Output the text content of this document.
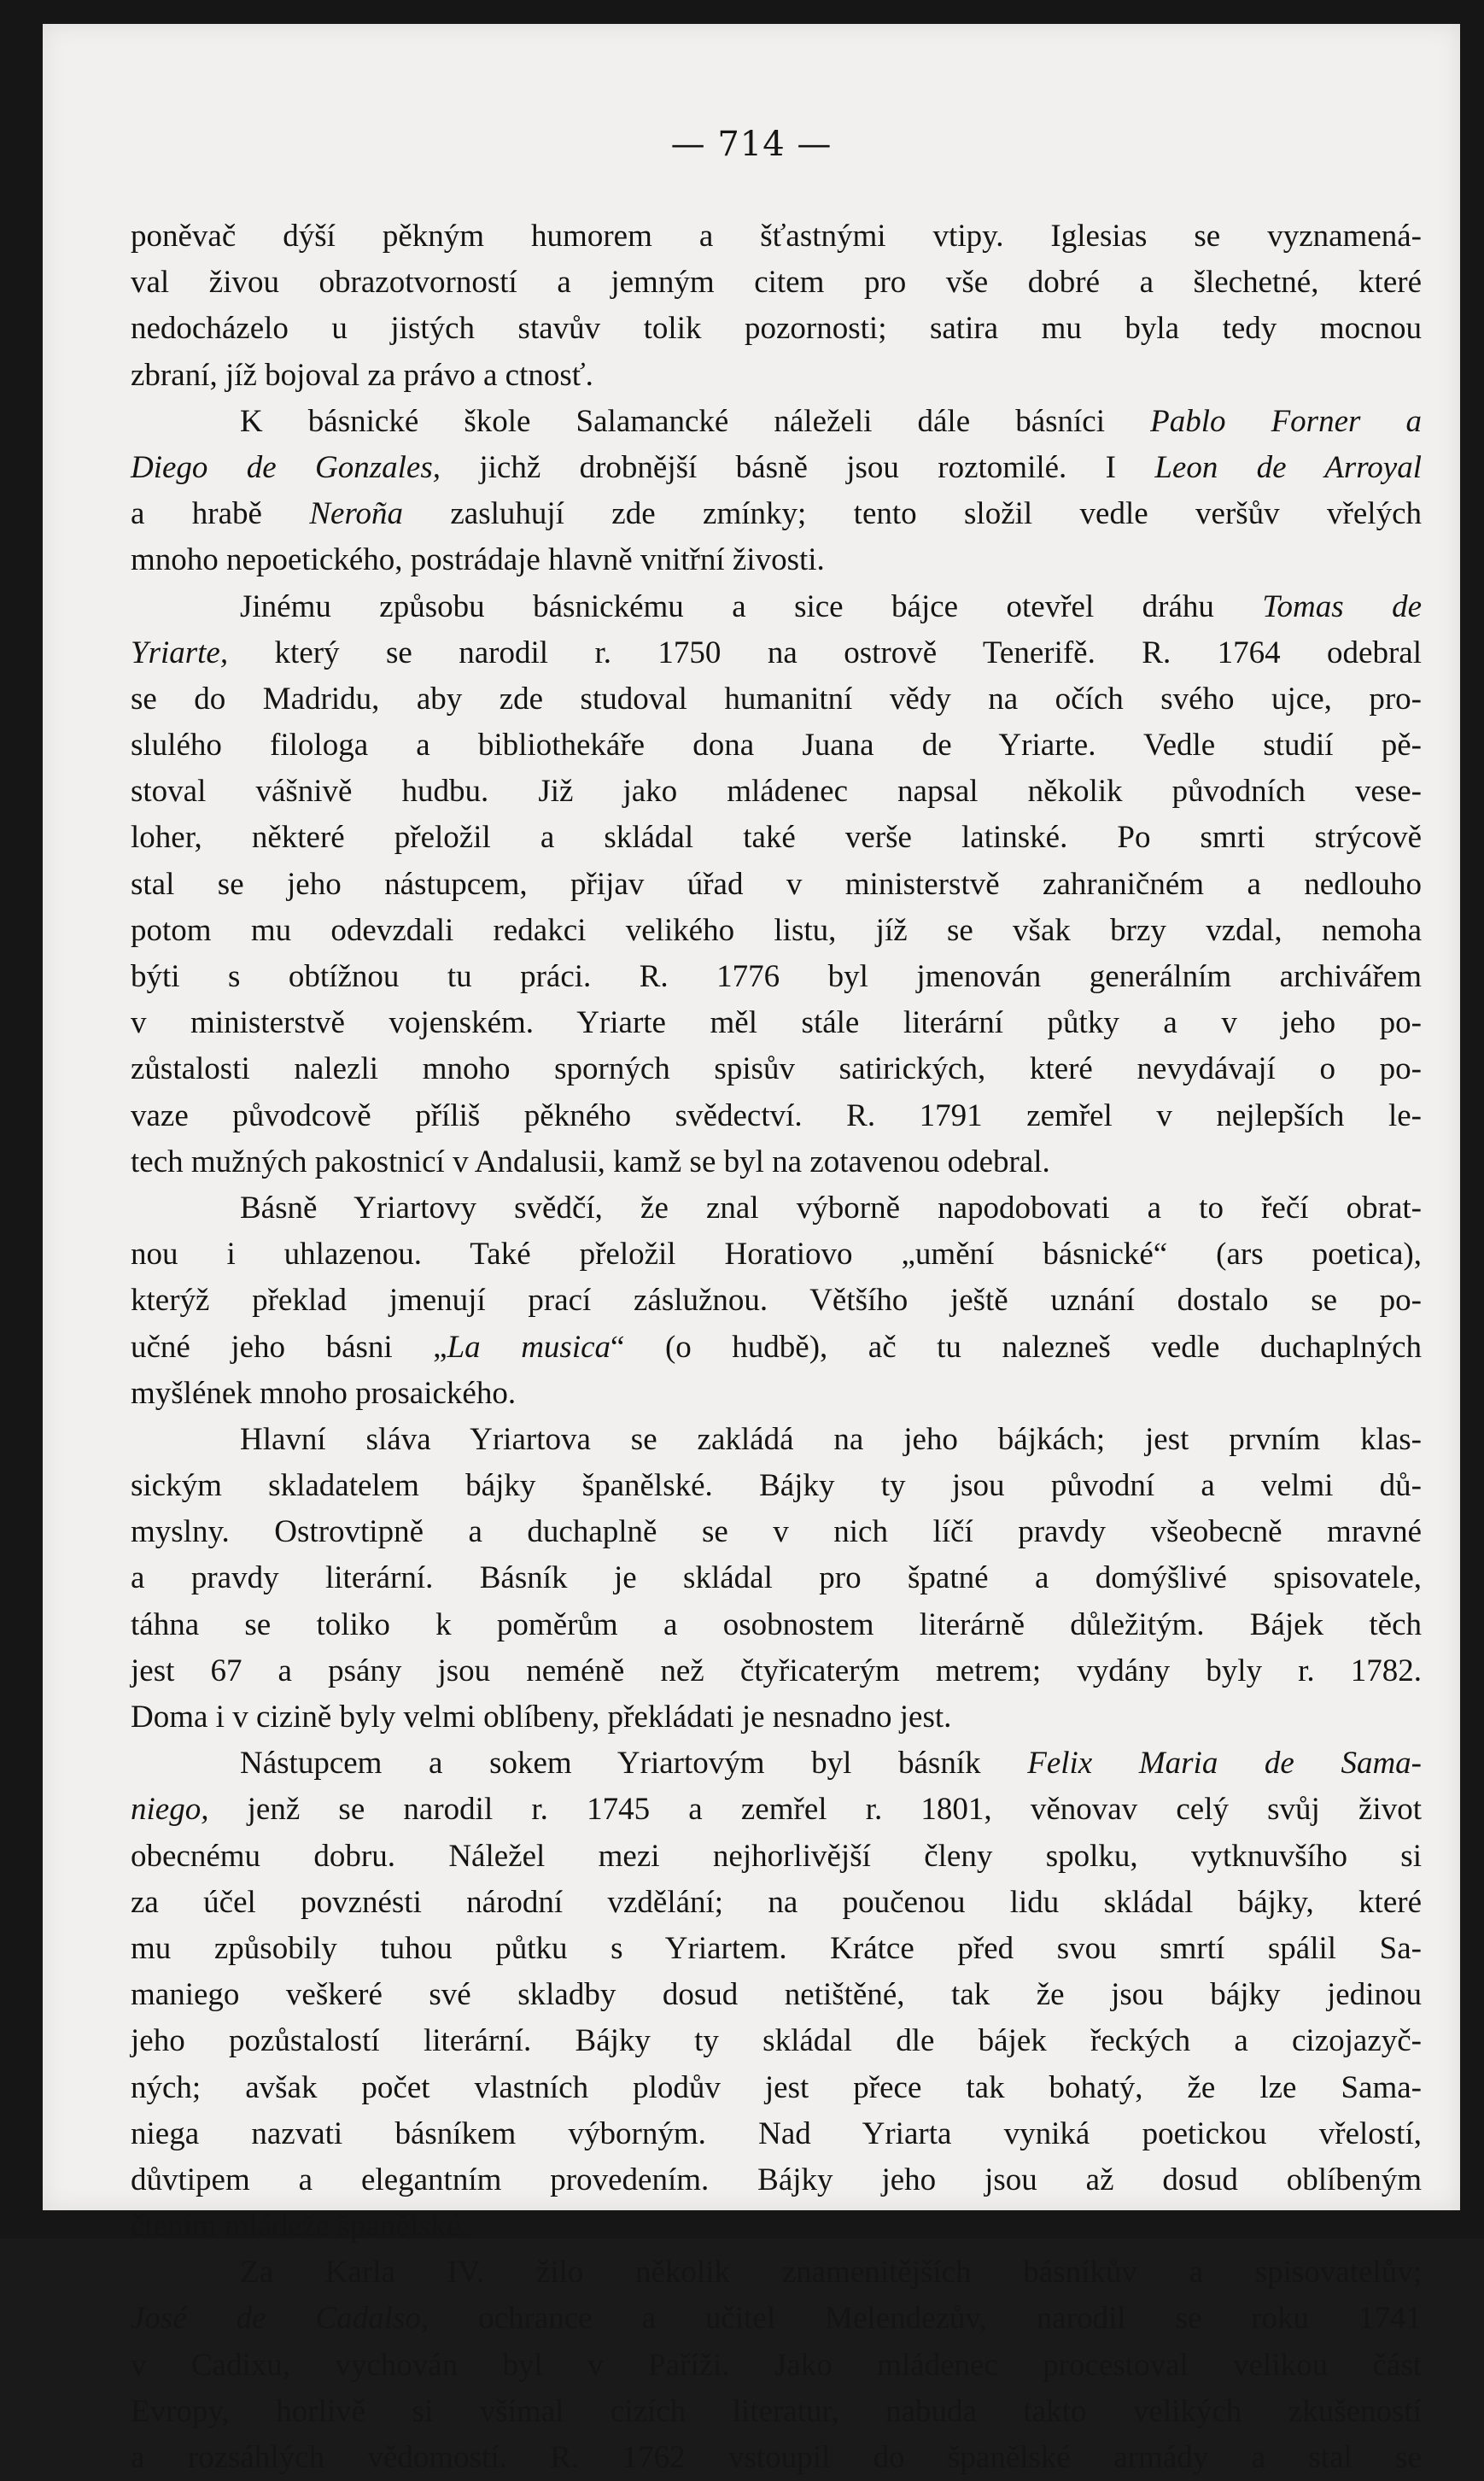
— 714 —
poněvač dýší pěkným humorem a šťastnými vtipy. Iglesias se vyznamená-
val živou obrazotvorností a jemným citem pro vše dobré a šlechetné, které
nedocházelo u jistých stavův tolik pozornosti; satira mu byla tedy mocnou
zbraní, jíž bojoval za právo a ctnosť.
K básnické škole Salamancké náleželi dále básníci Pablo Forner a
Diego de Gonzales, jichž drobnější básně jsou roztomilé. I Leon de Arroyal
a hrabě Neroña zasluhují zde zmínky; tento složil vedle veršův vřelých
mnoho nepoetického, postrádaje hlavně vnitřní živosti.
Jinému způsobu básnickému a sice bájce otevřel dráhu Tomas de
Yriarte, který se narodil r. 1750 na ostrově Tenerifě. R. 1764 odebral
se do Madridu, aby zde studoval humanitní vědy na očích svého ujce, pro-
slulého filologa a bibliothekáře dona Juana de Yriarte. Vedle studií pě-
stoval vášnivě hudbu. Již jako mládenec napsal několik původních vese-
loher, některé přeložil a skládal také verše latinské. Po smrti strýcově
stal se jeho nástupcem, přijav úřad v ministerstvě zahraničném a nedlouho
potom mu odevzdali redakci velikého listu, jíž se však brzy vzdal, nemoha
býti s obtížnou tu práci. R. 1776 byl jmenován generálním archivářem
v ministerstvě vojenském. Yriarte měl stále literární půtky a v jeho po-
zůstalosti nalezli mnoho sporných spisův satirických, které nevydávají o po-
vaze původcově příliš pěkného svědectví. R. 1791 zemřel v nejlepších le-
tech mužných pakostnicí v Andalusii, kamž se byl na zotavenou odebral.
Básně Yriartovy svědčí, že znal výborně napodobovati a to řečí obrat-
nou i uhlazenou. Také přeložil Horatiovo „umění básnické“ (ars poetica),
kterýž překlad jmenují prací záslužnou. Většího ještě uznání dostalo se po-
učné jeho básni „La musica“ (o hudbě), ač tu nalezneš vedle duchaplných
myšlének mnoho prosaického.
Hlavní sláva Yriartova se zakládá na jeho bájkách; jest prvním klas-
sickým skladatelem bájky španělské. Bájky ty jsou původní a velmi dů-
myslny. Ostrovtipně a duchaplně se v nich líčí pravdy všeobecně mravné
a pravdy literární. Básník je skládal pro špatné a domýšlivé spisovatele,
táhna se toliko k poměrům a osobnostem literárně důležitým. Bájek těch
jest 67 a psány jsou neméně než čtyřicaterým metrem; vydány byly r. 1782.
Doma i v cizině byly velmi oblíbeny, překládati je nesnadno jest.
Nástupcem a sokem Yriartovým byl básník Felix Maria de Sama-
niego, jenž se narodil r. 1745 a zemřel r. 1801, věnovav celý svůj život
obecnému dobru. Náležel mezi nejhorlivější členy spolku, vytknuvšího si
za účel povznésti národní vzdělání; na poučenou lidu skládal bájky, které
mu způsobily tuhou půtku s Yriartem. Krátce před svou smrtí spálil Sa-
maniego veškeré své skladby dosud netištěné, tak že jsou bájky jedinou
jeho pozůstalostí literární. Bájky ty skládal dle bájek řeckých a cizojazyč-
ných; avšak počet vlastních plodův jest přece tak bohatý, že lze Sama-
niega nazvati básníkem výborným. Nad Yriarta vyniká poetickou vřelostí,
důvtipem a elegantním provedením. Bájky jeho jsou až dosud oblíbeným
čtením mládeže španělské.
Za Karla IV. žilo několik znamenitějších básníkův a spisovatelův;
José de Cadalso, ochrance a učitel Melendezův, narodil se roku 1741
v Cadixu, vychován byl v Paříži. Jako mládenec procestoval velikou část
Evropy, horlivě si všímal cizích literatur, nabuda takto velikých zkušeností
a rozsáhlých vědomostí. R. 1762 vstoupil do španělské armády a stal se
